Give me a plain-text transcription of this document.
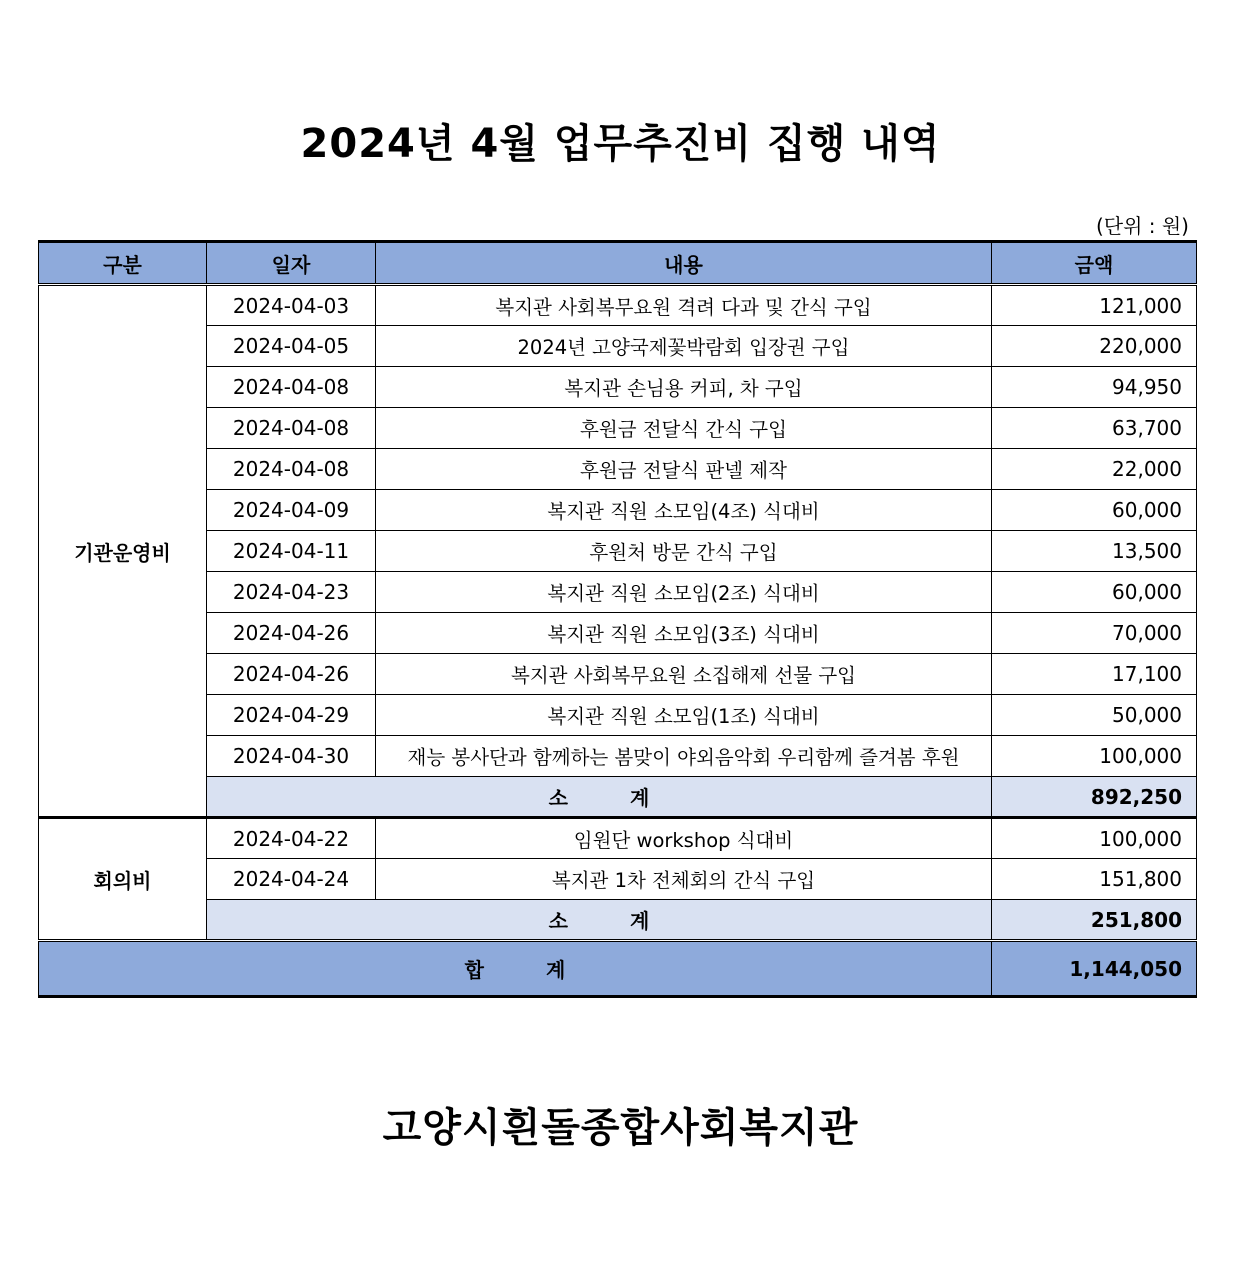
2024년 4월 업무추진비 집행 내역
(단위 : 원)
구분	일자	내용	금액
기관운영비	2024-04-03	복지관 사회복무요원 격려 다과 및 간식 구입	121,000
	2024-04-05	2024년 고양국제꽃박람회 입장권 구입	220,000
	2024-04-08	복지관 손님용 커피, 차 구입	94,950
	2024-04-08	후원금 전달식 간식 구입	63,700
	2024-04-08	후원금 전달식 판넬 제작	22,000
	2024-04-09	복지관 직원 소모임(4조) 식대비	60,000
	2024-04-11	후원처 방문 간식 구입	13,500
	2024-04-23	복지관 직원 소모임(2조) 식대비	60,000
	2024-04-26	복지관 직원 소모임(3조) 식대비	70,000
	2024-04-26	복지관 사회복무요원 소집해제 선물 구입	17,100
	2024-04-29	복지관 직원 소모임(1조) 식대비	50,000
	2024-04-30	재능 봉사단과 함께하는 봄맞이 야외음악회 우리함께 즐겨봄 후원	100,000
	소계		892,250
회의비	2024-04-22	임원단 workshop 식대비	100,000
	2024-04-24	복지관 1차 전체회의 간식 구입	151,800
	소계		251,800
합계			1,144,050
고양시흰돌종합사회복지관
